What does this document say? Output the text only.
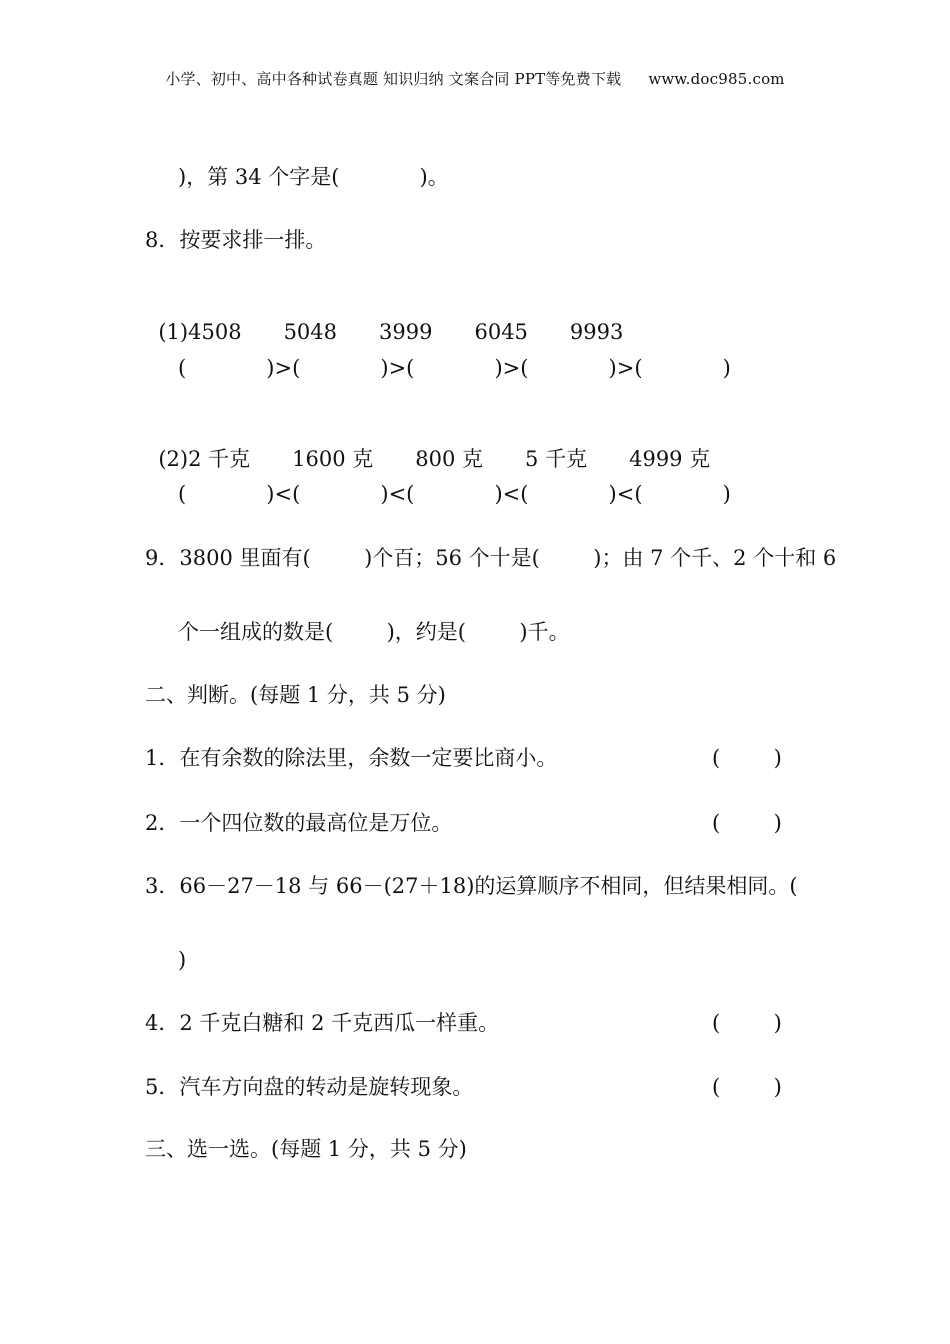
小学、初中、高中各种试卷真题 知识归纳 文案合同 PPT等免费下载 www.doc985.com
)，第 34 个字是(            )。
8．按要求排一排。

(1)4508 5048 3999 6045 9993

(            )>(            )>(            )>(            )>(            )

(2)2 千克 1600 克 800 克 5 千克 4999 克

(            )<(            )<(            )<(            )<(            )
9．3800 里面有(        )个百；56 个十是(        )；由 7 个千、2 个十和 6
个一组成的数是(        )，约是(        )千。
二、判断。(每题 1 分，共 5 分)
1．在有余数的除法里，余数一定要比商小。	(        )
2．一个四位数的最高位是万位。	(        )
3．66－27－18 与 66－(27＋18)的运算顺序不相同，但结果相同。(
)
4．2 千克白糖和 2 千克西瓜一样重。	(        )
5．汽车方向盘的转动是旋转现象。	(        )
三、选一选。(每题 1 分，共 5 分)
